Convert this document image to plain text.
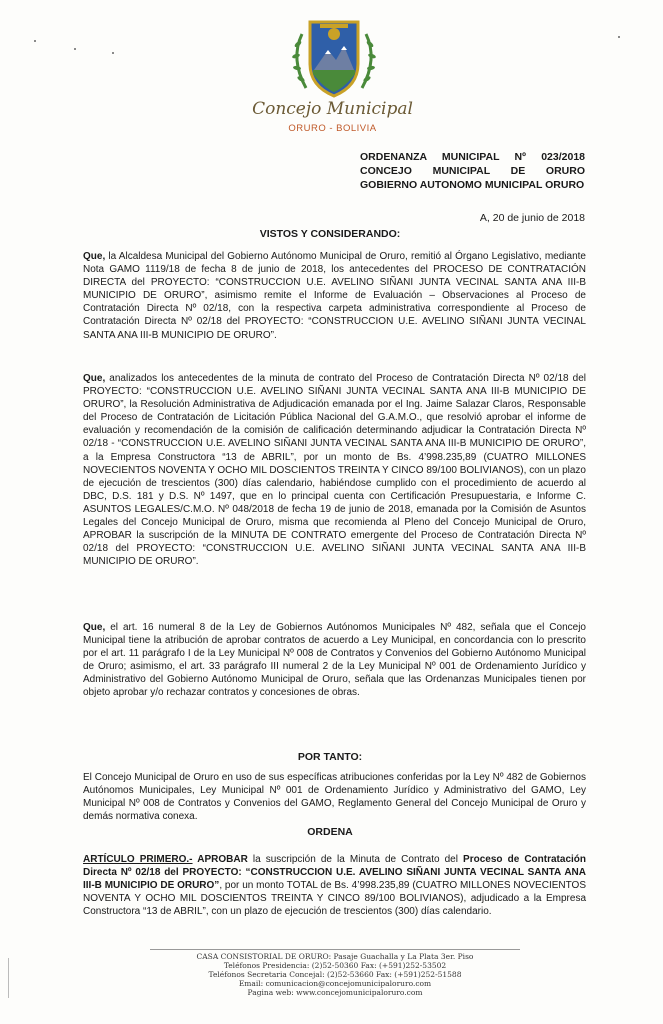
Concejo Municipal
ORURO - BOLIVIA
ORDENANZA MUNICIPAL Nº 023/2018
CONCEJO MUNICIPAL DE ORURO
GOBIERNO AUTONOMO MUNICIPAL ORURO
A, 20 de junio de 2018
VISTOS Y CONSIDERANDO:
Que, la Alcaldesa Municipal del Gobierno Autónomo Municipal de Oruro, remitió al Órgano Legislativo, mediante Nota GAMO 1119/18 de fecha 8 de junio de 2018, los antecedentes del PROCESO DE CONTRATACIÓN DIRECTA del PROYECTO: “CONSTRUCCION U.E. AVELINO SIÑANI JUNTA VECINAL SANTA ANA III-B MUNICIPIO DE ORURO”, asimismo remite el Informe de Evaluación – Observaciones al Proceso de Contratación Directa Nº 02/18, con la respectiva carpeta administrativa correspondiente al Proceso de Contratación Directa Nº 02/18 del PROYECTO: “CONSTRUCCION U.E. AVELINO SIÑANI JUNTA VECINAL SANTA ANA III-B MUNICIPIO DE ORURO”.
Que, analizados los antecedentes de la minuta de contrato del Proceso de Contratación Directa Nº 02/18 del PROYECTO: “CONSTRUCCION U.E. AVELINO SIÑANI JUNTA VECINAL SANTA ANA III-B MUNICIPIO DE ORURO”, la Resolución Administrativa de Adjudicación emanada por el Ing. Jaime Salazar Claros, Responsable del Proceso de Contratación de Licitación Pública Nacional del G.A.M.O., que resolvió aprobar el informe de evaluación y recomendación de la comisión de calificación determinando adjudicar la Contratación Directa Nº 02/18 - “CONSTRUCCION U.E. AVELINO SIÑANI JUNTA VECINAL SANTA ANA III-B MUNICIPIO DE ORURO”, a la Empresa Constructora “13 de ABRIL”, por un monto de Bs. 4’998.235,89 (CUATRO MILLONES NOVECIENTOS NOVENTA Y OCHO MIL DOSCIENTOS TREINTA Y CINCO 89/100 BOLIVIANOS), con un plazo de ejecución de trescientos (300) días calendario, habiéndose cumplido con el procedimiento de acuerdo al DBC, D.S. 181 y D.S. Nº 1497, que en lo principal cuenta con Certificación Presupuestaria, e Informe C. ASUNTOS LEGALES/C.M.O. Nº 048/2018 de fecha 19 de junio de 2018, emanada por la Comisión de Asuntos Legales del Concejo Municipal de Oruro, misma que recomienda al Pleno del Concejo Municipal de Oruro, APROBAR la suscripción de la MINUTA DE CONTRATO emergente del Proceso de Contratación Directa Nº 02/18 del PROYECTO: “CONSTRUCCION U.E. AVELINO SIÑANI JUNTA VECINAL SANTA ANA III-B MUNICIPIO DE ORURO”.
Que, el art. 16 numeral 8 de la Ley de Gobiernos Autónomos Municipales Nº 482, señala que el Concejo Municipal tiene la atribución de aprobar contratos de acuerdo a Ley Municipal, en concordancia con lo prescrito por el art. 11 parágrafo I de la Ley Municipal Nº 008 de Contratos y Convenios del Gobierno Autónomo Municipal de Oruro; asimismo, el art. 33 parágrafo III numeral 2 de la Ley Municipal Nº 001 de Ordenamiento Jurídico y Administrativo del Gobierno Autónomo Municipal de Oruro, señala que las Ordenanzas Municipales tienen por objeto aprobar y/o rechazar contratos y concesiones de obras.
POR TANTO:
El Concejo Municipal de Oruro en uso de sus específicas atribuciones conferidas por la Ley Nº 482 de Gobiernos Autónomos Municipales, Ley Municipal Nº 001 de Ordenamiento Jurídico y Administrativo del GAMO, Ley Municipal Nº 008 de Contratos y Convenios del GAMO, Reglamento General del Concejo Municipal de Oruro y demás normativa conexa.
ORDENA
ARTÍCULO PRIMERO.- APROBAR la suscripción de la Minuta de Contrato del Proceso de Contratación Directa Nº 02/18 del PROYECTO: “CONSTRUCCION U.E. AVELINO SIÑANI JUNTA VECINAL SANTA ANA III-B MUNICIPIO DE ORURO”, por un monto TOTAL de Bs. 4’998.235,89 (CUATRO MILLONES NOVECIENTOS NOVENTA Y OCHO MIL DOSCIENTOS TREINTA Y CINCO 89/100 BOLIVIANOS), adjudicado a la Empresa Constructora “13 de ABRIL”, con un plazo de ejecución de trescientos (300) días calendario.
CASA CONSISTORIAL DE ORURO: Pasaje Guachalla y La Plata 3er. Piso
Teléfonos Presidencia: (2)52-50360 Fax: (+591)252-53502
Teléfonos Secretaria Concejal: (2)52-53660 Fax: (+591)252-51588
Email: comunicacion@concejomunicipaloruro.com
Pagina web: www.concejomunicipaloruro.com
